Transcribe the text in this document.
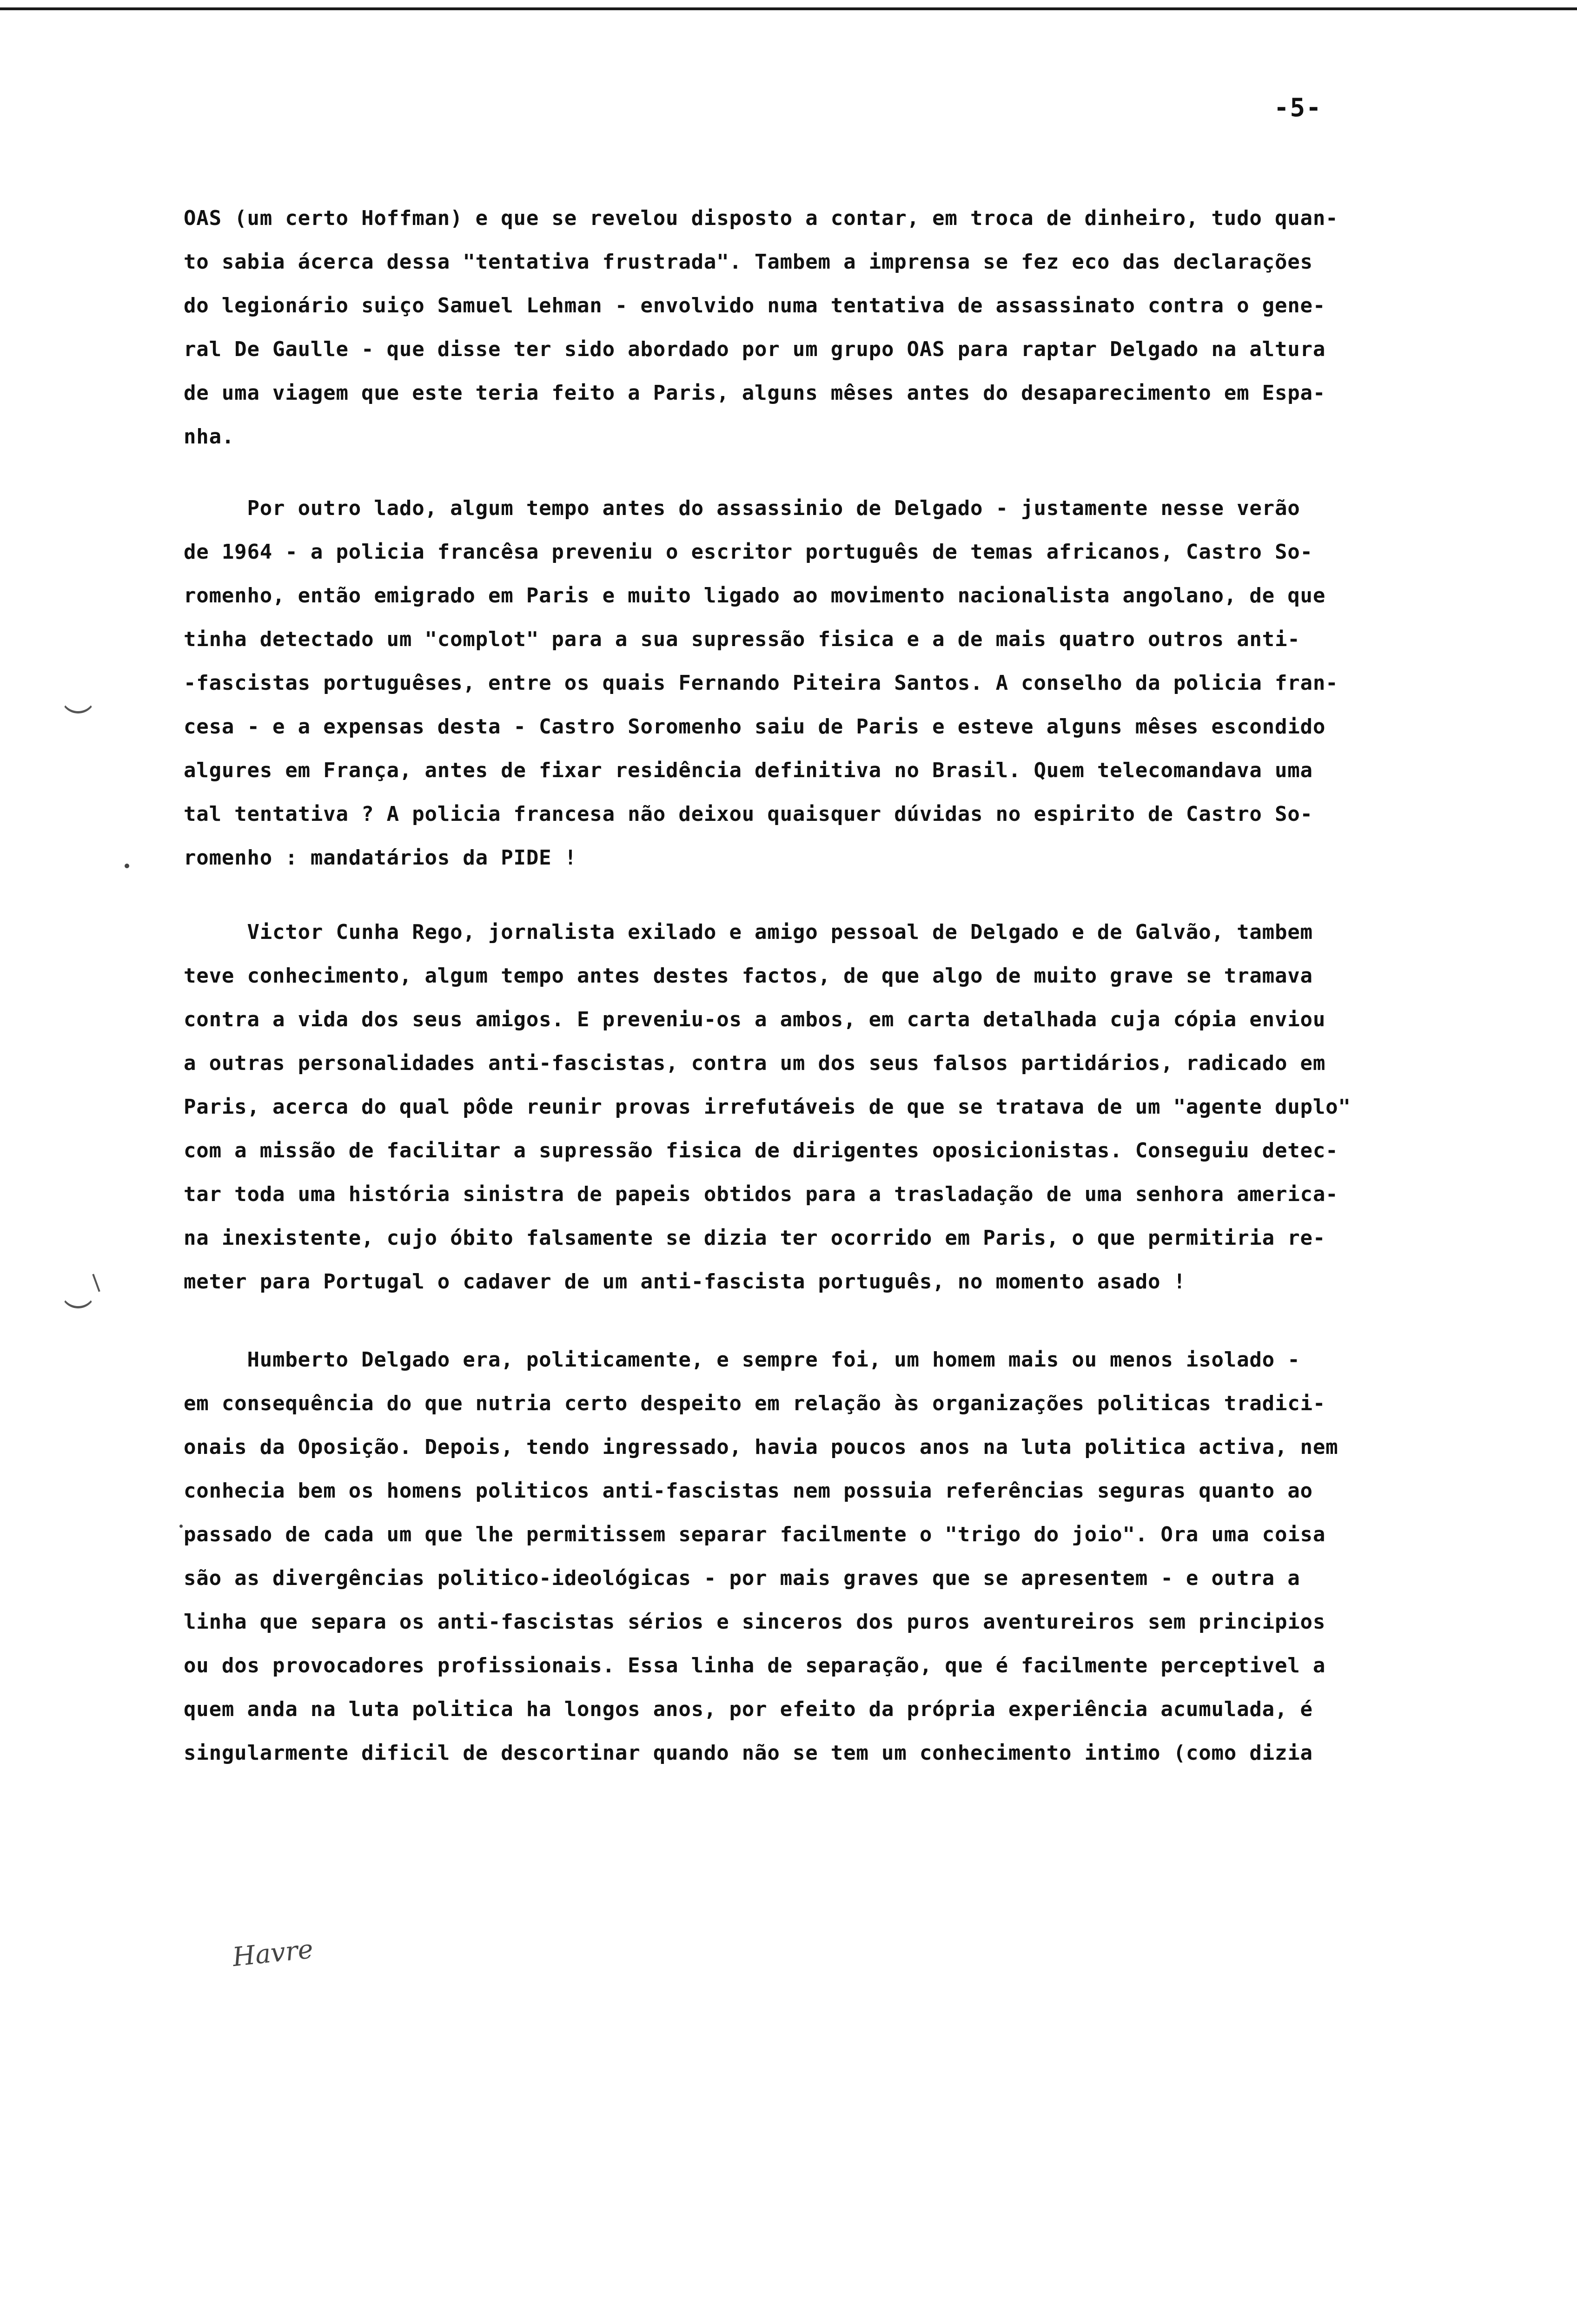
-5-
OAS (um certo Hoffman) e que se revelou disposto a contar, em troca de dinheiro, tudo quan-
to sabia ácerca dessa "tentativa frustrada". Tambem a imprensa se fez eco das declarações
do legionário suiço Samuel Lehman - envolvido numa tentativa de assassinato contra o gene-
ral De Gaulle - que disse ter sido abordado por um grupo OAS para raptar Delgado na altura
de uma viagem que este teria feito a Paris, alguns mêses antes do desaparecimento em Espa-
nha.
Por outro lado, algum tempo antes do assassinio de Delgado - justamente nesse verão
de 1964 - a policia francêsa preveniu o escritor português de temas africanos, Castro So-
romenho, então emigrado em Paris e muito ligado ao movimento nacionalista angolano, de que
tinha detectado um "complot" para a sua supressão fisica e a de mais quatro outros anti-
-fascistas portuguêses, entre os quais Fernando Piteira Santos. A conselho da policia fran-
cesa - e a expensas desta - Castro Soromenho saiu de Paris e esteve alguns mêses escondido
algures em França, antes de fixar residência definitiva no Brasil. Quem telecomandava uma
tal tentativa ? A policia francesa não deixou quaisquer dúvidas no espirito de Castro So-
romenho : mandatários da PIDE !
Victor Cunha Rego, jornalista exilado e amigo pessoal de Delgado e de Galvão, tambem
teve conhecimento, algum tempo antes destes factos, de que algo de muito grave se tramava
contra a vida dos seus amigos. E preveniu-os a ambos, em carta detalhada cuja cópia enviou
a outras personalidades anti-fascistas, contra um dos seus falsos partidários, radicado em
Paris, acerca do qual pôde reunir provas irrefutáveis de que se tratava de um "agente duplo"
com a missão de facilitar a supressão fisica de dirigentes oposicionistas. Conseguiu detec-
tar toda uma história sinistra de papeis obtidos para a trasladação de uma senhora america-
na inexistente, cujo óbito falsamente se dizia ter ocorrido em Paris, o que permitiria re-
meter para Portugal o cadaver de um anti-fascista português, no momento asado !
Humberto Delgado era, politicamente, e sempre foi, um homem mais ou menos isolado -
em consequência do que nutria certo despeito em relação às organizações politicas tradici-
onais da Oposição. Depois, tendo ingressado, havia poucos anos na luta politica activa, nem
conhecia bem os homens politicos anti-fascistas nem possuia referências seguras quanto ao
passado de cada um que lhe permitissem separar facilmente o "trigo do joio". Ora uma coisa
são as divergências politico-ideológicas - por mais graves que se apresentem - e outra a
linha que separa os anti-fascistas sérios e sinceros dos puros aventureiros sem principios
ou dos provocadores profissionais. Essa linha de separação, que é facilmente perceptivel a
quem anda na luta politica ha longos anos, por efeito da própria experiência acumulada, é
singularmente dificil de descortinar quando não se tem um conhecimento intimo (como dizia
Havre
